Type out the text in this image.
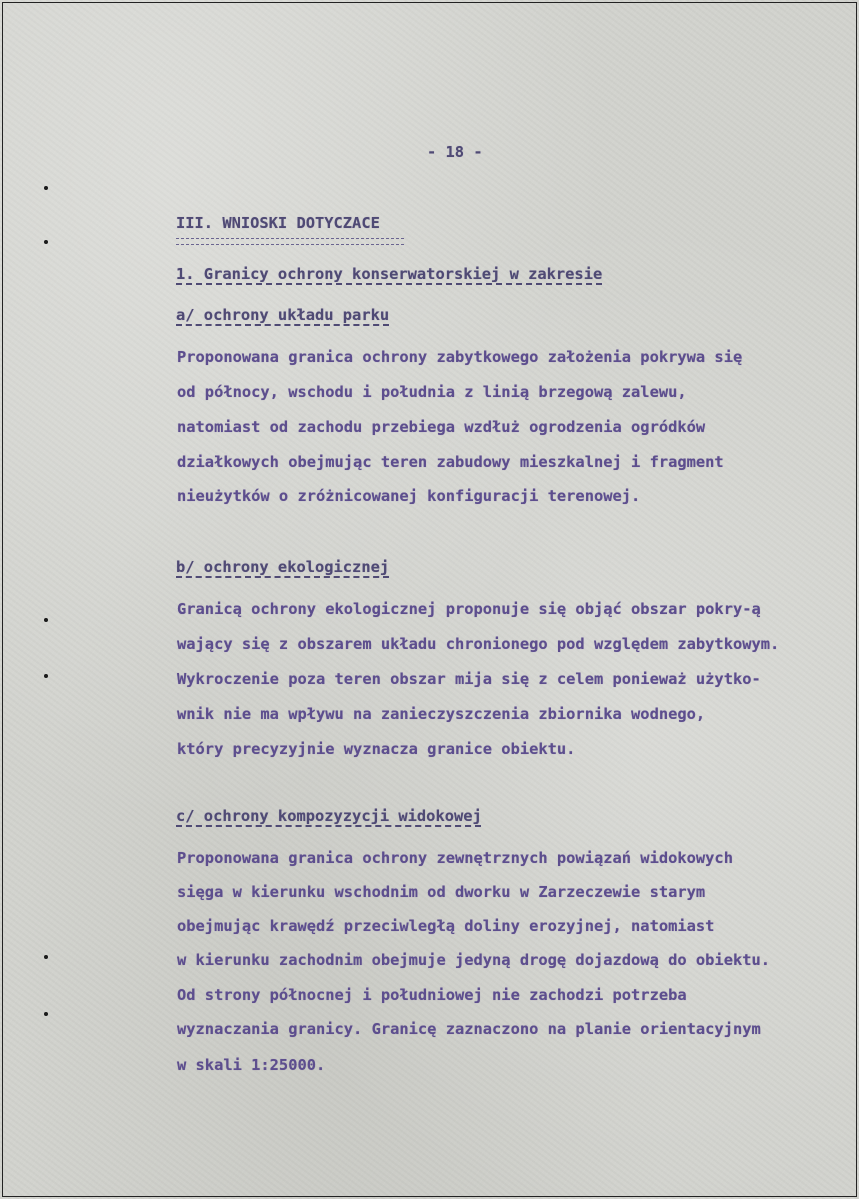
- 18 -
III. WNIOSKI DOTYCZACE
1. Granicy ochrony konserwatorskiej w zakresie
a/ ochrony układu parku
Proponowana granica ochrony zabytkowego założenia pokrywa się
od północy, wschodu i południa z linią brzegową zalewu,
natomiast od zachodu przebiega wzdłuż ogrodzenia ogródków
działkowych obejmując teren zabudowy mieszkalnej i fragment
nieużytków o zróżnicowanej konfiguracji terenowej.
b/ ochrony ekologicznej
Granicą ochrony ekologicznej proponuje się objąć obszar pokry-ą
wający się z obszarem układu chronionego pod względem zabytkowym.
Wykroczenie poza teren obszar mija się z celem ponieważ użytko-
wnik nie ma wpływu na zanieczyszczenia zbiornika wodnego,
który precyzyjnie wyznacza granice obiektu.
c/ ochrony kompozyzycji widokowej
Proponowana granica ochrony zewnętrznych powiązań widokowych
sięga w kierunku wschodnim od dworku w Zarzeczewie starym
obejmując krawędź przeciwległą doliny erozyjnej, natomiast
w kierunku zachodnim obejmuje jedyną drogę dojazdową do obiektu.
Od strony północnej i południowej nie zachodzi potrzeba
wyznaczania granicy. Granicę zaznaczono na planie orientacyjnym
w skali 1:25000.
